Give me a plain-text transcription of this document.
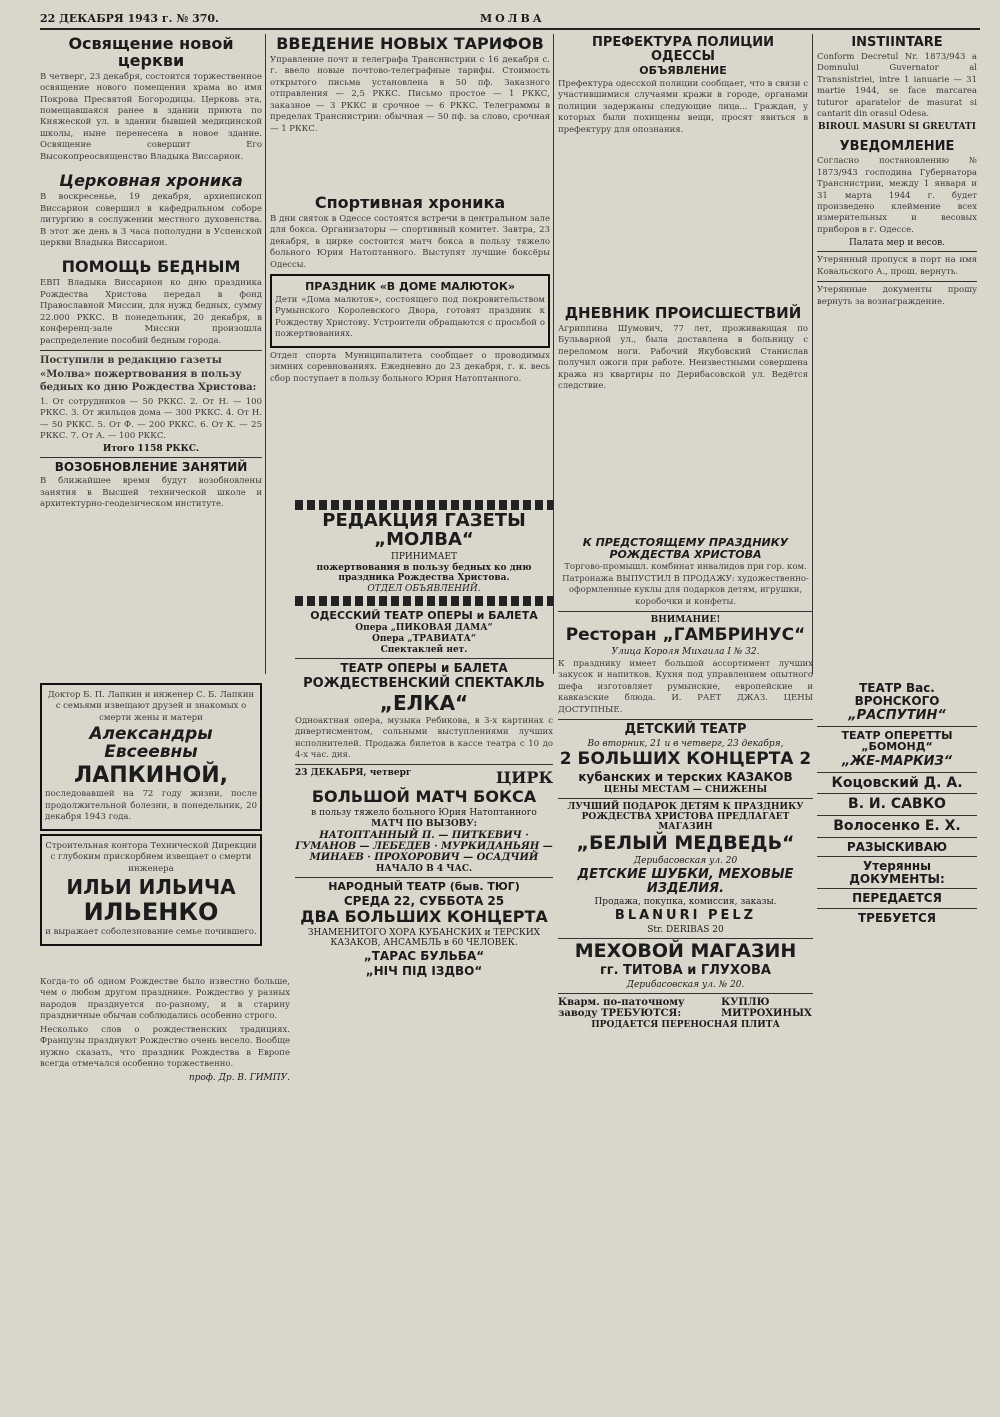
22 ДЕКАБРЯ 1943 г. № 370.	МОЛВА
Освящение новой церкви

В четверг, 23 декабря, состоится торжественное освящение нового помещения храма во имя Покрова Пресвятой Богородицы. Церковь эта, помещавшаяся ранее в здании приюта по Княжеской ул. в здании бывшей медицинской школы, ныне перенесена в новое здание. Освящение совершит Его Высокопреосвященство Владыка Виссарион.

Церковная хроника

В воскресенье, 19 декабря, архиепископ Виссарион совершил в кафедральном соборе литургию в сослужении местного духовенства. В этот же день в 3 часа пополудни в Успенской церкви Владыка Виссарион.

ПОМОЩЬ БЕДНЫМ

ЕВП Владыка Виссарион ко дню праздника Рождества Христова передал в фонд Православной Миссии, для нужд бедных, сумму 22.000 РККС. В понедельник, 20 декабря, в конференц-зале Миссии произошла распределение пособий бедным города.

Поступили в редакцию газеты «Молва» пожертвования в пользу бедных ко дню Рождества Христова:

1. От сотрудников — 50 РККС. 2. От Н. — 100 РККС. 3. От жильцов дома — 300 РККС. 4. От Н. — 50 РККС. 5. От Ф. — 200 РККС. 6. От К. — 25 РККС. 7. От А. — 100 РККС.

Итого 1158 РККС.

ВОЗОБНОВЛЕНИЕ ЗАНЯТИЙ

В ближайшее время будут возобновлены занятия в Высшей технической школе и архитектурно-геодезическом институте.

ВВЕДЕНИЕ НОВЫХ ТАРИФОВ

Управление почт и телеграфа Транснистрии с 16 декабря с. г. ввело новые почтово-телеграфные тарифы. Стоимость открытого письма установлена в 50 пф. Заказного отправления — 2,5 РККС. Письмо простое — 1 РККС, заказное — 3 РККС и срочное — 6 РККС. Телеграммы в пределах Транснистрии: обычная — 50 пф. за слово, срочная — 1 РККС.

Спортивная хроника

В дни святок в Одессе состоятся встречи в центральном зале для бокса. Организаторы — спортивный комитет. Завтра, 23 декабря, в цирке состоится матч бокса в пользу тяжело больного Юрия Натоптанного. Выступят лучшие боксёры Одессы.

ПРАЗДНИК «В ДОМЕ МАЛЮТОК»

Дети «Дома малюток», состоящего под покровительством Румынского Королевского Двора, готовят праздник к Рождеству Христову. Устроители обращаются с просьбой о пожертвованиях.

Отдел спорта Муниципалитета сообщает о проводимых зимних соревнованиях. Ежедневно до 23 декабря, г. к. весь сбор поступает в пользу больного Юрия Натоптанного.

ПРЕФЕКТУРА ПОЛИЦИИ ОДЕССЫ
ОБЪЯВЛЕНИЕ

Префектура одесской полиции сообщает, что в связи с участившимися случаями кражи в городе, органами полиции задержаны следующие лица... Граждан, у которых были похищены вещи, просят явиться в префектуру для опознания.

ДНЕВНИК ПРОИСШЕСТВИЙ

Агриппина Шумович, 77 лет, проживающая по Бульварной ул., была доставлена в больницу с переломом ноги. Рабочий Якубовский Станислав получил ожоги при работе. Неизвестными совершена кража из квартиры по Дерибасовской ул. Ведётся следствие.

INSTIINTARE

Conform Decretul Nr. 1873/943 a Domnului Guvernator al Transnistriei, intre 1 ianuarie — 31 martie 1944, se face marcarea tuturor aparatelor de masurat si cantarit din orasul Odesa.

BIROUL MASURI SI GREUTATI

УВЕДОМЛЕНИЕ

Согласно постановлению № 1873/943 господина Губернатора Транснистрии, между 1 января и 31 марта 1944 г. будет произведено клеймение всех измерительных и весовых приборов в г. Одессе.

Палата мер и весов.

Утерянный пропуск в порт на имя Ковальского А., прош. вернуть.

Утерянные документы прошу вернуть за вознаграждение.

Доктор Б. П. Лапкин и инженер С. Б. Лапкин с семьями извещают друзей и знакомых о смерти жены и матери

Александры Евсеевны
ЛАПКИНОЙ,

последовавшей на 72 году жизни, после продолжительной болезни, в понедельник, 20 декабря 1943 года.

Строительная контора Технической Дирекции с глубоким прискорбием извещает о смерти инженера

ИЛЬИ ИЛЬИЧА
ИЛЬЕНКО

и выражает соболезнование семье почившего.

РЕДАКЦИЯ ГАЗЕТЫ „МОЛВА“

ПРИНИМАЕТ

пожертвования в пользу бедных ко дню праздника Рождества Христова.

ОТДЕЛ ОБЪЯВЛЕНИЙ.

ОДЕССКИЙ ТЕАТР ОПЕРЫ и БАЛЕТА

Опера „ПИКОВАЯ ДАМА“

Опера „ТРАВИАТА“

Спектаклей нет.

ТЕАТР ОПЕРЫ и БАЛЕТА
РОЖДЕСТВЕНСКИЙ СПЕКТАКЛЬ
„ЕЛКА“

Одноактная опера, музыка Ребикова, в 3-х картинах с дивертисментом, сольными выступлениями лучших исполнителей. Продажа билетов в кассе театра с 10 до 4-х час. дня.

23 ДЕКАБРЯ, четверг	ЦИРК
БОЛЬШОЙ МАТЧ БОКСА

в пользу тяжело больного Юрия Натоптанного

МАТЧ ПО ВЫЗОВУ:

НАТОПТАННЫЙ П. — ПИТКЕВИЧ · ГУМАНОВ — ЛЕБЕДЕВ · МУРКИДАНЬЯН — МИНАЕВ · ПРОХОРОВИЧ — ОСАДЧИЙ

НАЧАЛО В 4 ЧАС.

НАРОДНЫЙ ТЕАТР (быв. ТЮГ)
СРЕДА 22, СУББОТА 25
ДВА БОЛЬШИХ КОНЦЕРТА

ЗНАМЕНИТОГО ХОРА КУБАНСКИХ и ТЕРСКИХ КАЗАКОВ, АНСАМБЛЬ в 60 ЧЕЛОВЕК.

„ТАРАС БУЛЬБА“
„НІЧ ПІД ІЗДВО“
К ПРЕДСТОЯЩЕМУ ПРАЗДНИКУ РОЖДЕСТВА ХРИСТОВА

Торгово-промышл. комбинат инвалидов при гор. ком. Патронажа ВЫПУСТИЛ В ПРОДАЖУ: художественно-оформленные куклы для подарков детям, игрушки, коробочки и конфеты.

ВНИМАНИЕ!

Ресторан „ГАМБРИНУС“

Улица Короля Михаила I № 32.

К празднику имеет большой ассортимент лучших закусок и напитков. Кухня под управлением опытного шефа изготовляет румынские, европейские и кавказские блюда. И. РАЕТ ДЖАЗ. ЦЕНЫ ДОСТУПНЫЕ.

ДЕТСКИЙ ТЕАТР

Во вторник, 21 и в четверг, 23 декабря,

2 БОЛЬШИХ КОНЦЕРТА 2
кубанских и терских КАЗАКОВ

ЦЕНЫ МЕСТАМ — СНИЖЕНЫ

ЛУЧШИЙ ПОДАРОК ДЕТЯМ К ПРАЗДНИКУ РОЖДЕСТВА ХРИСТОВА ПРЕДЛАГАЕТ МАГАЗИН

„БЕЛЫЙ МЕДВЕДЬ“

Дерибасовская ул. 20

ДЕТСКИЕ ШУБКИ, МЕХОВЫЕ ИЗДЕЛИЯ.

Продажа, покупка, комиссия, заказы.

BLANURI PELZ

Str. DERIBAS 20

МЕХОВОЙ МАГАЗИН
гг. ТИТОВА и ГЛУХОВА

Дерибасовская ул. № 20.

Кварм. по-паточному заводу ТРЕБУЮТСЯ:
КУПЛЮ МИТРОХИНЫХ

ПРОДАЕТСЯ ПЕРЕНОСНАЯ ПЛИТА

ТЕАТР Вас. ВРОНСКОГО
„РАСПУТИН“
ТЕАТР ОПЕРЕТТЫ „БОМОНД“
„ЖЕ-МАРКИЗ“
Коцовский Д. А.
В. И. САВКО
Волосенко Е. Х.
РАЗЫСКИВАЮ
Утерянны ДОКУМЕНТЫ:
ПЕРЕДАЕТСЯ
ТРЕБУЕТСЯ

Когда-то об одном Рождестве было известно больше, чем о любом другом празднике. Рождество у разных народов празднуется по-разному, и в старину праздничные обычаи соблюдались особенно строго.

Несколько слов о рождественских традициях. Французы празднуют Рождество очень весело. Вообще нужно сказать, что праздник Рождества в Европе всегда отмечался особенно торжественно.

проф. Др. В. ГИМПУ.
